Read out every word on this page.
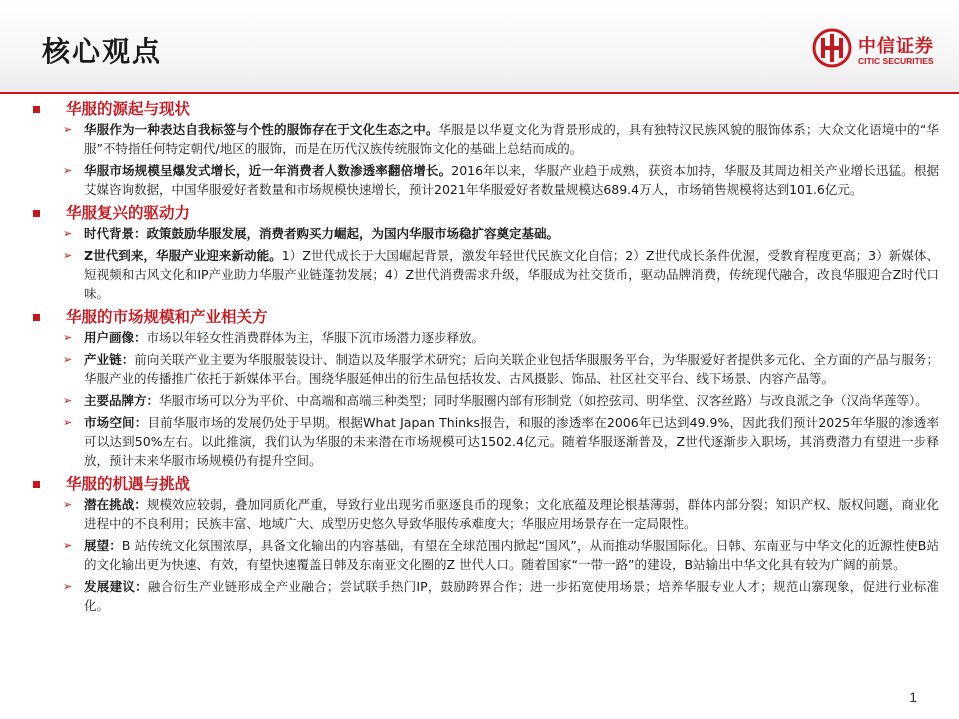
核心观点	中信证券
CITIC SECURITIES
华服的源起与现状
➢ 华服作为一种表达自我标签与个性的服饰存在于文化生态之中。华服是以华夏文化为背景形成的，具有独特汉民族风貌的服饰体系；大众文化语境中的“华服”不特指任何特定朝代/地区的服饰，而是在历代汉族传统服饰文化的基础上总结而成的。

➢ 华服市场规模呈爆发式增长，近一年消费者人数渗透率翻倍增长。2016年以来，华服产业趋于成熟，获资本加持，华服及其周边相关产业增长迅猛。根据艾媒咨询数据，中国华服爱好者数量和市场规模快速增长，预计2021年华服爱好者数量规模达689.4万人，市场销售规模将达到101.6亿元。

华服复兴的驱动力
➢ 时代背景：政策鼓励华服发展，消费者购买力崛起，为国内华服市场稳扩容奠定基础。

➢ Z世代到来，华服产业迎来新动能。1）Z世代成长于大国崛起背景，激发年轻世代民族文化自信；2）Z世代成长条件优渥，受教育程度更高；3）新媒体、短视频和古风文化和IP产业助力华服产业链蓬勃发展；4）Z世代消费需求升级，华服成为社交货币，驱动品牌消费，传统现代融合，改良华服迎合Z时代口味。

华服的市场规模和产业相关方
➢ 用户画像：市场以年轻女性消费群体为主，华服下沉市场潜力逐步释放。

➢ 产业链：前向关联产业主要为华服服装设计、制造以及华服学术研究；后向关联企业包括华服服务平台，为华服爱好者提供多元化、全方面的产品与服务；华服产业的传播推广依托于新媒体平台。围绕华服延伸出的衍生品包括妆发、古风摄影、饰品、社区社交平台、线下场景、内容产品等。

➢ 主要品牌方：华服市场可以分为平价、中高端和高端三种类型；同时华服圈内部有形制党（如控弦司、明华堂、汉客丝路）与改良派之争（汉尚华莲等）。

➢ 市场空间：目前华服市场的发展仍处于早期。根据What Japan Thinks报告，和服的渗透率在2006年已达到49.9%，因此我们预计2025年华服的渗透率可以达到50%左右。以此推演，我们认为华服的未来潜在市场规模可达1502.4亿元。随着华服逐渐普及，Z世代逐渐步入职场，其消费潜力有望进一步释放，预计未来华服市场规模仍有提升空间。

华服的机遇与挑战
➢ 潜在挑战：规模效应较弱，叠加同质化严重，导致行业出现劣币驱逐良币的现象；文化底蕴及理论根基薄弱，群体内部分裂；知识产权、版权问题，商业化进程中的不良利用；民族丰富、地域广大、成型历史悠久导致华服传承难度大；华服应用场景存在一定局限性。

➢ 展望：B 站传统文化氛围浓厚，具备文化输出的内容基础，有望在全球范围内掀起“国风”，从而推动华服国际化。日韩、东南亚与中华文化的近源性使B站的文化输出更为快速、有效，有望快速覆盖日韩及东南亚文化圈的Z 世代人口。随着国家“一带一路”的建设，B站输出中华文化具有较为广阔的前景。

➢ 发展建议：融合衍生产业链形成全产业融合；尝试联手热门IP，鼓励跨界合作；进一步拓宽使用场景；培养华服专业人才；规范山寨现象，促进行业标准化。

1
